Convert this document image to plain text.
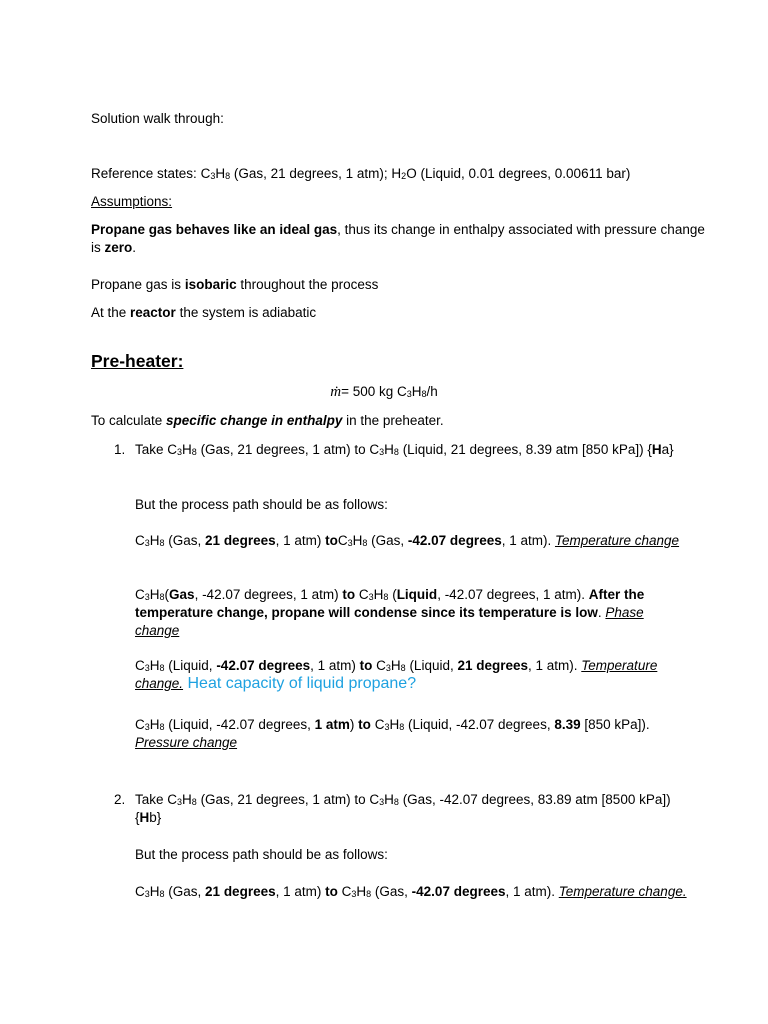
Solution walk through:
Reference states: $C_3H_8$ (Gas, 21 degrees, 1 atm); $H_2O$ (Liquid, 0.01 degrees, 0.00611 bar)
Assumptions:
Propane gas behaves like an ideal gas, thus its change in enthalpy associated with pressure change is zero.
Propane gas is isobaric throughout the process
At the reactor the system is adiabatic
Pre-heater:
ṁ= 500 kg $C_3H_8/h$
To calculate specific change in enthalpy in the preheater.
1. Take $C_3H_8$ (Gas, 21 degrees, 1 atm) to $C_3H_8$ (Liquid, 21 degrees, 8.39 atm [850 kPa]) {Ha}
But the process path should be as follows:
$C_3H_8$ (Gas, 21 degrees, 1 atm) $toC_3H_8$ (Gas, -42.07 degrees, 1 atm). Temperature change
$C_3H_8(Gas$, -42.07 degrees, 1 atm) to $C_3H_8$ (Liquid, -42.07 degrees, 1 atm). After the temperature change, propane will condense since its temperature is low. Phase change
$C_3H_8$ (Liquid, -42.07 degrees, 1 atm) to $C_3H_8$ (Liquid, 21 degrees, 1 atm). Temperature change. Heat capacity of liquid propane?
$C_3H_8$ (Liquid, -42.07 degrees, 1 atm) to $C_3H_8$ (Liquid, -42.07 degrees, 8.39 [850 kPa]). Pressure change
2. Take $C_3H_8$ (Gas, 21 degrees, 1 atm) to $C_3H_8$ (Gas, -42.07 degrees, 83.89 atm [8500 kPa]) {Hb}
But the process path should be as follows:
$C_3H_8$ (Gas, 21 degrees, 1 atm) to $C_3H_8$ (Gas, -42.07 degrees, 1 atm). Temperature change.
